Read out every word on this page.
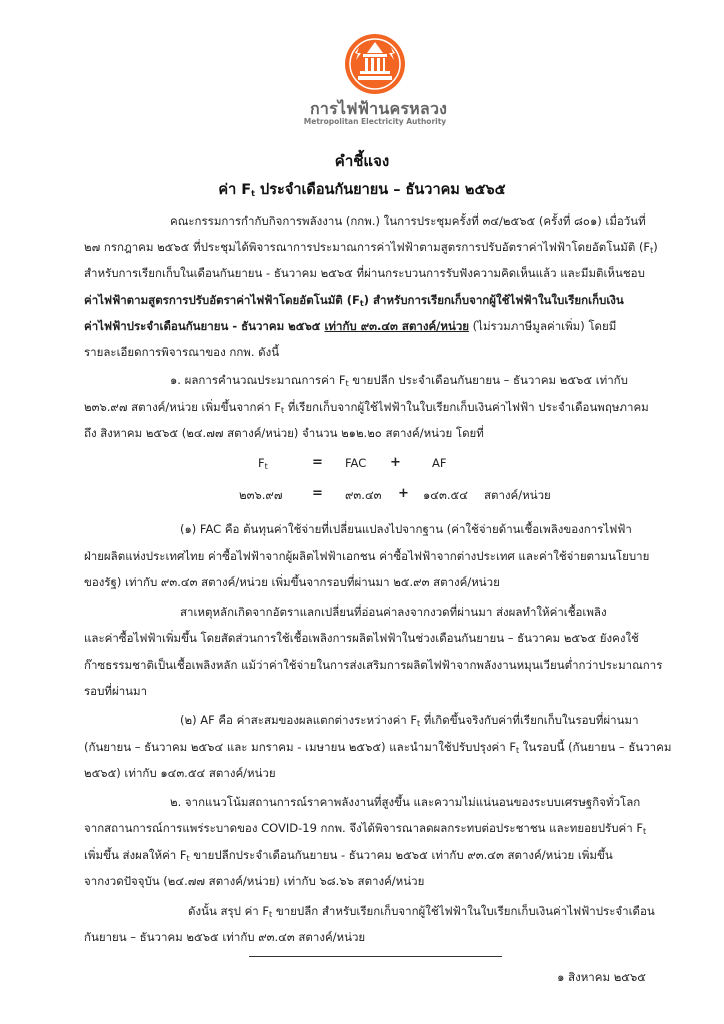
การไฟฟ้านครหลวง
Metropolitan Electricity Authority
คำชี้แจง
ค่า $F_t$ ประจำเดือนกันยายน – ธันวาคม ๒๕๖๕
คณะกรรมการกำกับกิจการพลังงาน (กกพ.) ในการประชุมครั้งที่ ๓๔/๒๕๖๕ (ครั้งที่ ๘๐๑) เมื่อวันที่
๒๗ กรกฎาคม ๒๕๖๕ ที่ประชุมได้พิจารณาการประมาณการค่าไฟฟ้าตามสูตรการปรับอัตราค่าไฟฟ้าโดยอัตโนมัติ $(F_t)$
สำหรับการเรียกเก็บในเดือนกันยายน - ธันวาคม ๒๕๖๕ ที่ผ่านกระบวนการรับฟังความคิดเห็นแล้ว และมีมติเห็นชอบ
ค่าไฟฟ้าตามสูตรการปรับอัตราค่าไฟฟ้าโดยอัตโนมัติ $(F_t)$ สำหรับการเรียกเก็บจากผู้ใช้ไฟฟ้าในใบเรียกเก็บเงิน
ค่าไฟฟ้าประจำเดือนกันยายน - ธันวาคม ๒๕๖๕ เท่ากับ ๙๓.๔๓ สตางค์/หน่วย (ไม่รวมภาษีมูลค่าเพิ่ม) โดยมี
รายละเอียดการพิจารณาของ กกพ. ดังนี้
๑. ผลการคำนวณประมาณการค่า $F_t$ ขายปลีก ประจำเดือนกันยายน – ธันวาคม ๒๕๖๕ เท่ากับ
๒๓๖.๙๗ สตางค์/หน่วย เพิ่มขึ้นจากค่า $F_t$ ที่เรียกเก็บจากผู้ใช้ไฟฟ้าในใบเรียกเก็บเงินค่าไฟฟ้า ประจำเดือนพฤษภาคม
ถึง สิงหาคม ๒๕๖๕ (๒๔.๗๗ สตางค์/หน่วย) จำนวน ๒๑๒.๒๐ สตางค์/หน่วย โดยที่
$F_t$	= FAC +	AF
๒๓๖.๙๗ = ๙๓.๔๓ + ๑๔๓.๕๔ สตางค์/หน่วย
(๑) FAC คือ ต้นทุนค่าใช้จ่ายที่เปลี่ยนแปลงไปจากฐาน (ค่าใช้จ่ายด้านเชื้อเพลิงของการไฟฟ้า
ฝ่ายผลิตแห่งประเทศไทย ค่าซื้อไฟฟ้าจากผู้ผลิตไฟฟ้าเอกชน ค่าซื้อไฟฟ้าจากต่างประเทศ และค่าใช้จ่ายตามนโยบาย
ของรัฐ) เท่ากับ ๙๓.๔๓ สตางค์/หน่วย เพิ่มขึ้นจากรอบที่ผ่านมา ๒๕.๙๓ สตางค์/หน่วย
สาเหตุหลักเกิดจากอัตราแลกเปลี่ยนที่อ่อนค่าลงจากงวดที่ผ่านมา ส่งผลทำให้ค่าเชื้อเพลิง
และค่าซื้อไฟฟ้าเพิ่มขึ้น โดยสัดส่วนการใช้เชื้อเพลิงการผลิตไฟฟ้าในช่วงเดือนกันยายน – ธันวาคม ๒๕๖๕ ยังคงใช้
ก๊าซธรรมชาติเป็นเชื้อเพลิงหลัก แม้ว่าค่าใช้จ่ายในการส่งเสริมการผลิตไฟฟ้าจากพลังงานหมุนเวียนต่ำกว่าประมาณการ
รอบที่ผ่านมา
(๒) AF คือ ค่าสะสมของผลแตกต่างระหว่างค่า $F_t$ ที่เกิดขึ้นจริงกับค่าที่เรียกเก็บในรอบที่ผ่านมา
(กันยายน – ธันวาคม ๒๕๖๔ และ มกราคม - เมษายน ๒๕๖๕) และนำมาใช้ปรับปรุงค่า $F_t$ ในรอบนี้ (กันยายน – ธันวาคม
๒๕๖๕) เท่ากับ ๑๔๓.๕๔ สตางค์/หน่วย
๒. จากแนวโน้มสถานการณ์ราคาพลังงานที่สูงขึ้น และความไม่แน่นอนของระบบเศรษฐกิจทั่วโลก
จากสถานการณ์การแพร่ระบาดของ COVID-19 กกพ. จึงได้พิจารณาลดผลกระทบต่อประชาชน และทยอยปรับค่า $F_t$
เพิ่มขึ้น ส่งผลให้ค่า $F_t$ ขายปลีกประจำเดือนกันยายน - ธันวาคม ๒๕๖๕ เท่ากับ ๙๓.๔๓ สตางค์/หน่วย เพิ่มขึ้น
จากงวดปัจจุบัน (๒๔.๗๗ สตางค์/หน่วย) เท่ากับ ๖๘.๖๖ สตางค์/หน่วย
ดังนั้น สรุป ค่า $F_t$ ขายปลีก สำหรับเรียกเก็บจากผู้ใช้ไฟฟ้าในใบเรียกเก็บเงินค่าไฟฟ้าประจำเดือน
กันยายน – ธันวาคม ๒๕๖๕ เท่ากับ ๙๓.๔๓ สตางค์/หน่วย
๑ สิงหาคม ๒๕๖๕
